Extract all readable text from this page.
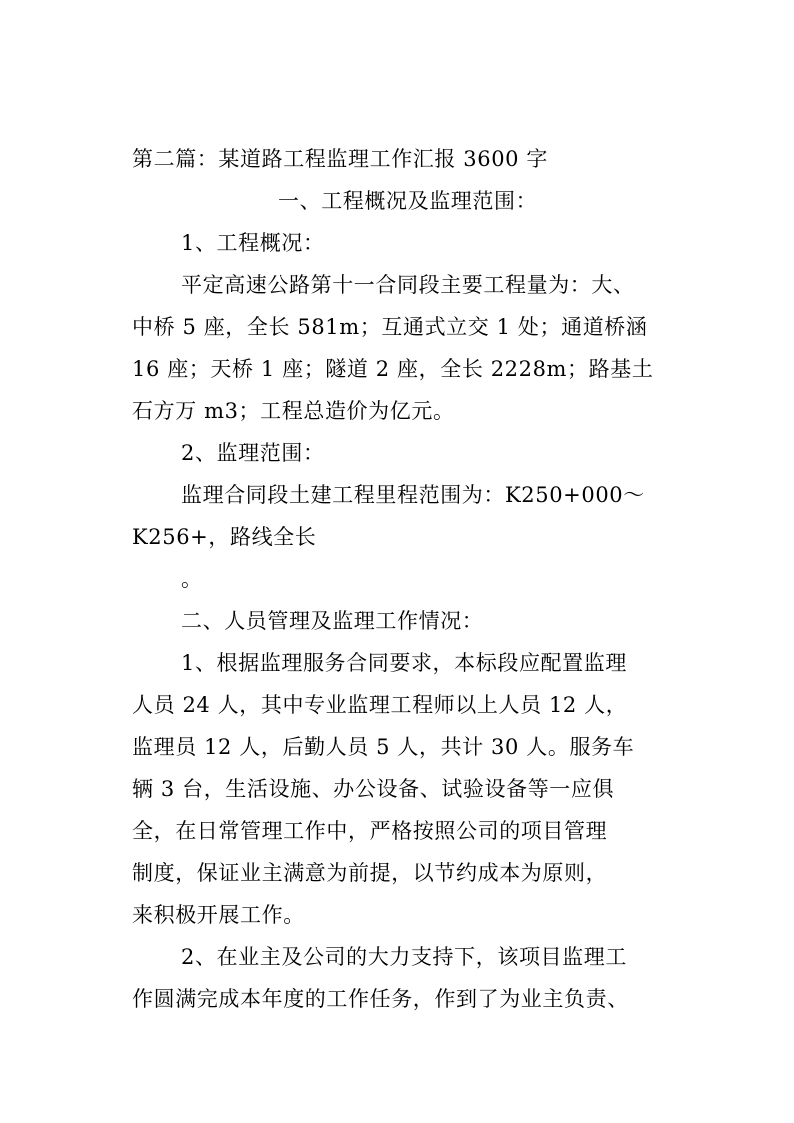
第二篇：某道路工程监理工作汇报 3600 字
一、工程概况及监理范围：
1、工程概况：
平定高速公路第十一合同段主要工程量为：大、
中桥 5 座，全长 581m；互通式立交 1 处；通道桥涵
16 座；天桥 1 座；隧道 2 座，全长 2228m；路基土
石方万 m3；工程总造价为亿元。
2、监理范围：
监理合同段土建工程里程范围为：K250+000～
K256+，路线全长
。
二、人员管理及监理工作情况：
1、根据监理服务合同要求，本标段应配置监理
人员 24 人，其中专业监理工程师以上人员 12 人，
监理员 12 人，后勤人员 5 人，共计 30 人。服务车
辆 3 台，生活设施、办公设备、试验设备等一应俱
全，在日常管理工作中，严格按照公司的项目管理
制度，保证业主满意为前提，以节约成本为原则，
来积极开展工作。
2、在业主及公司的大力支持下，该项目监理工
作圆满完成本年度的工作任务，作到了为业主负责、
